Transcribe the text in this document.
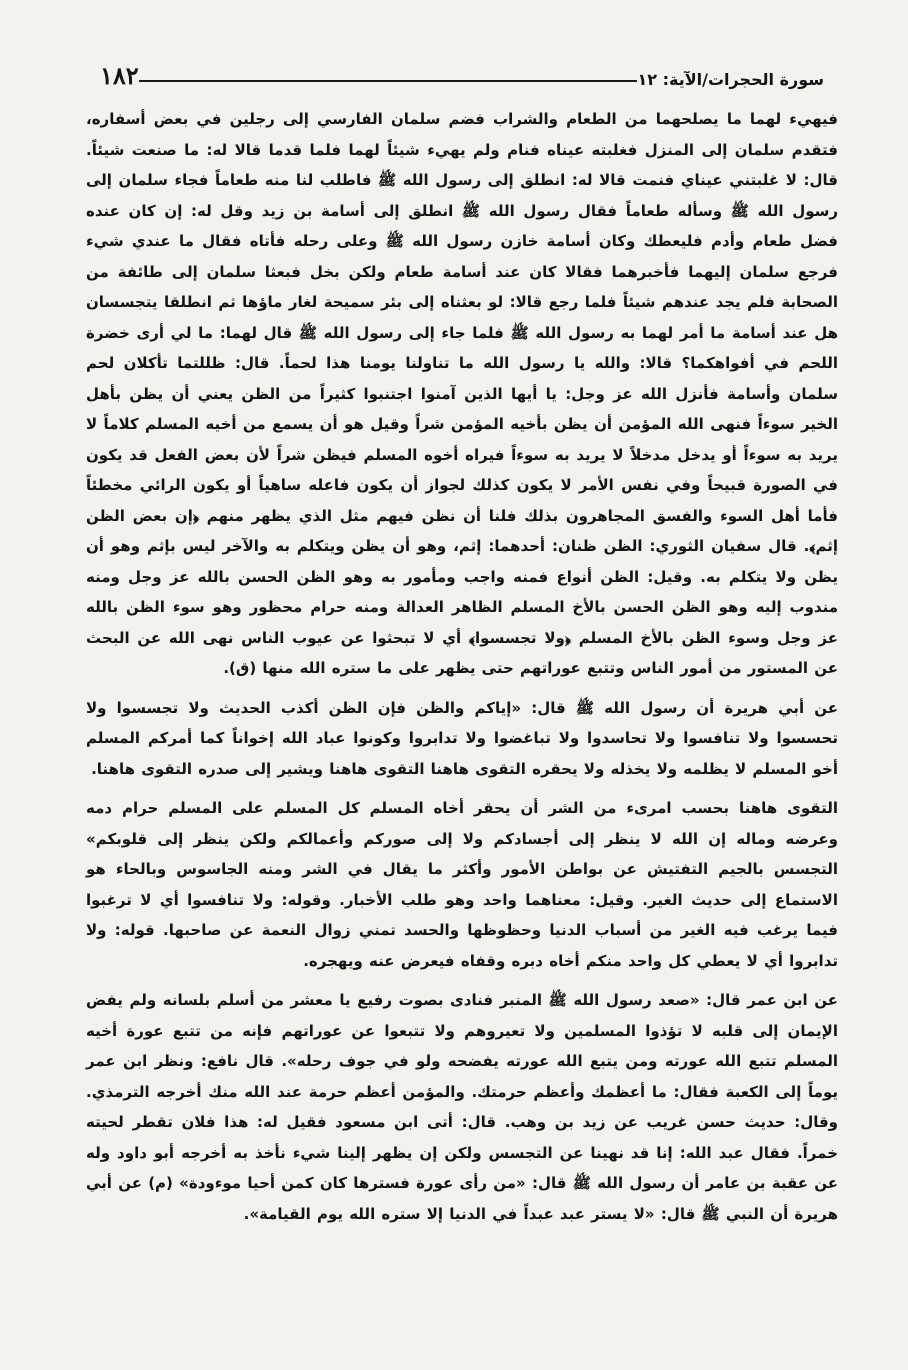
١٨٢	سورة الحجرات/الآية: ١٢

فيهيء لهما ما يصلحهما من الطعام والشراب فضم سلمان الفارسي إلى رجلين في بعض أسفاره، فتقدم سلمان إلى المنزل فغلبته عيناه فنام ولم يهيء شيئاً لهما فلما قدما قالا له: ما صنعت شيئاً. قال: لا غلبتني عيناي فنمت قالا له: انطلق إلى رسول الله ﷺ فاطلب لنا منه طعاماً فجاء سلمان إلى رسول الله ﷺ وسأله طعاماً فقال رسول الله ﷺ انطلق إلى أسامة بن زيد وقل له: إن كان عنده فضل طعام وأدم فليعطك وكان أسامة خازن رسول الله ﷺ وعلى رحله فأتاه فقال ما عندي شيء فرجع سلمان إليهما فأخبرهما فقالا كان عند أسامة طعام ولكن بخل فبعثا سلمان إلى طائفة من الصحابة فلم يجد عندهم شيئاً فلما رجع قالا: لو بعثناه إلى بئر سميحة لغار ماؤها ثم انطلقا يتجسسان هل عند أسامة ما أمر لهما به رسول الله ﷺ فلما جاء إلى رسول الله ﷺ قال لهما: ما لي أرى خضرة اللحم في أفواهكما؟ قالا: والله يا رسول الله ما تناولنا يومنا هذا لحماً. قال: ظللتما تأكلان لحم سلمان وأسامة فأنزل الله عز وجل: يا أيها الذين آمنوا اجتنبوا كثيراً من الظن يعني أن يظن بأهل الخير سوءاً فنهى الله المؤمن أن يظن بأخيه المؤمن شراً وقيل هو أن يسمع من أخيه المسلم كلاماً لا يريد به سوءاً أو يدخل مدخلاً لا يريد به سوءاً فيراه أخوه المسلم فيظن شراً لأن بعض الفعل قد يكون في الصورة قبيحاً وفي نفس الأمر لا يكون كذلك لجواز أن يكون فاعله ساهياً أو يكون الرائي مخطئاً فأما أهل السوء والفسق المجاهرون بذلك فلنا أن نظن فيهم مثل الذي يظهر منهم ﴿إن بعض الظن إثم﴾. قال سفيان الثوري: الظن ظنان: أحدهما: إثم، وهو أن يظن ويتكلم به والآخر ليس بإثم وهو أن يظن ولا يتكلم به. وقيل: الظن أنواع فمنه واجب ومأمور به وهو الظن الحسن بالله عز وجل ومنه مندوب إليه وهو الظن الحسن بالأخ المسلم الظاهر العدالة ومنه حرام محظور وهو سوء الظن بالله عز وجل وسوء الظن بالأخ المسلم ﴿ولا تجسسوا﴾ أي لا تبحثوا عن عيوب الناس نهى الله عن البحث عن المستور من أمور الناس وتتبع عوراتهم حتى يظهر على ما ستره الله منها (ق).

عن أبي هريرة أن رسول الله ﷺ قال: «إياكم والظن فإن الظن أكذب الحديث ولا تجسسوا ولا تحسسوا ولا تنافسوا ولا تحاسدوا ولا تباغضوا ولا تدابروا وكونوا عباد الله إخواناً كما أمركم المسلم أخو المسلم لا يظلمه ولا يخذله ولا يحقره التقوى هاهنا التقوى هاهنا ويشير إلى صدره التقوى هاهنا.

التقوى هاهنا بحسب امرىء من الشر أن يحقر أخاه المسلم كل المسلم على المسلم حرام دمه وعرضه وماله إن الله لا ينظر إلى أجسادكم ولا إلى صوركم وأعمالكم ولكن ينظر إلى قلوبكم» التجسس بالجيم التفتيش عن بواطن الأمور وأكثر ما يقال في الشر ومنه الجاسوس وبالحاء هو الاستماع إلى حديث الغير. وقيل: معناهما واحد وهو طلب الأخبار. وقوله: ولا تنافسوا أي لا ترغبوا فيما يرغب فيه الغير من أسباب الدنيا وحظوظها والحسد تمني زوال النعمة عن صاحبها. قوله: ولا تدابروا أي لا يعطي كل واحد منكم أخاه دبره وقفاه فيعرض عنه ويهجره.

عن ابن عمر قال: «صعد رسول الله ﷺ المنبر فنادى بصوت رفيع يا معشر من أسلم بلسانه ولم يفض الإيمان إلى قلبه لا تؤذوا المسلمين ولا تعيروهم ولا تتبعوا عن عوراتهم فإنه من تتبع عورة أخيه المسلم تتبع الله عورته ومن يتبع الله عورته يفضحه ولو في جوف رحله». قال نافع: ونظر ابن عمر يوماً إلى الكعبة فقال: ما أعظمك وأعظم حرمتك. والمؤمن أعظم حرمة عند الله منك أخرجه الترمذي. وقال: حديث حسن غريب عن زيد بن وهب. قال: أتى ابن مسعود فقيل له: هذا فلان تقطر لحيته خمراً. فقال عبد الله: إنا قد نهينا عن التجسس ولكن إن يظهر إلينا شيء نأخذ به أخرجه أبو داود وله عن عقبة بن عامر أن رسول الله ﷺ قال: «من رأى عورة فسترها كان كمن أحيا موءودة» (م) عن أبي هريرة أن النبي ﷺ قال: «لا يستر عبد عبداً في الدنيا إلا ستره الله يوم القيامة».
